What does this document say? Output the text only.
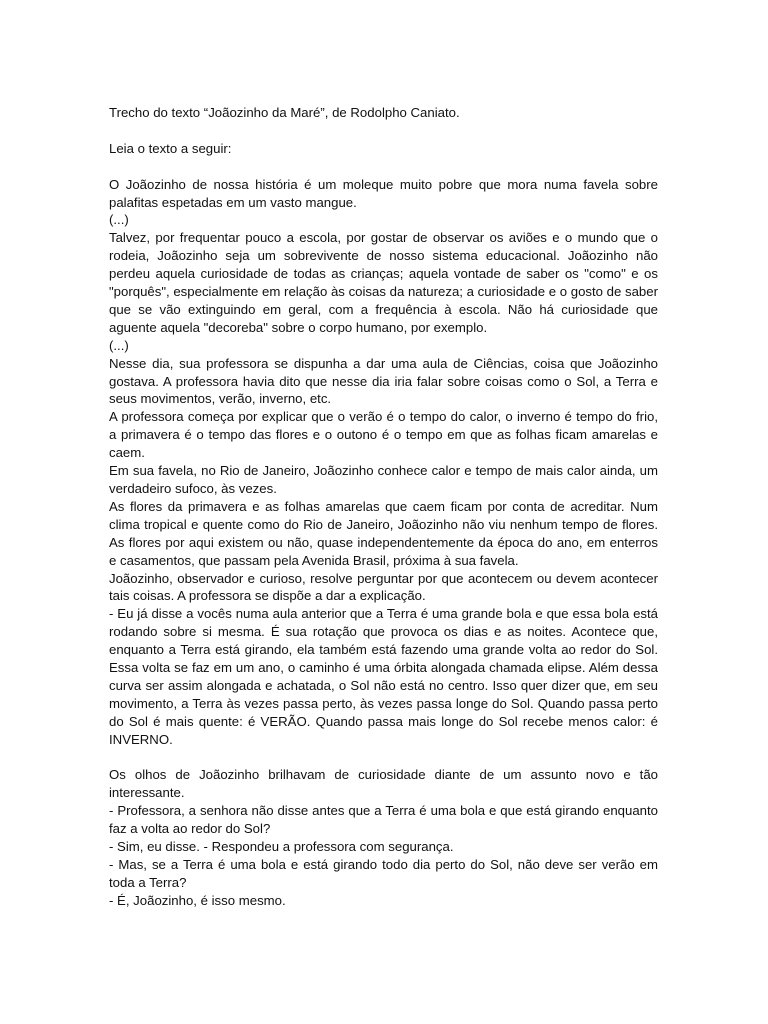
Trecho do texto “Joãozinho da Maré”, de Rodolpho Caniato.

Leia o texto a seguir:

O Joãozinho de nossa história é um moleque muito pobre que mora numa favela sobre palafitas espetadas em um vasto mangue.

(...)

Talvez, por frequentar pouco a escola, por gostar de observar os aviões e o mundo que o rodeia, Joãozinho seja um sobrevivente de nosso sistema educacional. Joãozinho não perdeu aquela curiosidade de todas as crianças; aquela vontade de saber os "como" e os "porquês", especialmente em relação às coisas da natureza; a curiosidade e o gosto de saber que se vão extinguindo em geral, com a frequência à escola. Não há curiosidade que aguente aquela "decoreba" sobre o corpo humano, por exemplo.

(...)

Nesse dia, sua professora se dispunha a dar uma aula de Ciências, coisa que Joãozinho gostava. A professora havia dito que nesse dia iria falar sobre coisas como o Sol, a Terra e seus movimentos, verão, inverno, etc.

A professora começa por explicar que o verão é o tempo do calor, o inverno é tempo do frio, a primavera é o tempo das flores e o outono é o tempo em que as folhas ficam amarelas e caem.

Em sua favela, no Rio de Janeiro, Joãozinho conhece calor e tempo de mais calor ainda, um verdadeiro sufoco, às vezes.

As flores da primavera e as folhas amarelas que caem ficam por conta de acreditar. Num clima tropical e quente como do Rio de Janeiro, Joãozinho não viu nenhum tempo de flores. As flores por aqui existem ou não, quase independentemente da época do ano, em enterros e casamentos, que passam pela Avenida Brasil, próxima à sua favela.

Joãozinho, observador e curioso, resolve perguntar por que acontecem ou devem acontecer tais coisas. A professora se dispõe a dar a explicação.

- Eu já disse a vocês numa aula anterior que a Terra é uma grande bola e que essa bola está rodando sobre si mesma. É sua rotação que provoca os dias e as noites. Acontece que, enquanto a Terra está girando, ela também está fazendo uma grande volta ao redor do Sol. Essa volta se faz em um ano, o caminho é uma órbita alongada chamada elipse. Além dessa curva ser assim alongada e achatada, o Sol não está no centro. Isso quer dizer que, em seu movimento, a Terra às vezes passa perto, às vezes passa longe do Sol. Quando passa perto do Sol é mais quente: é VERÃO. Quando passa mais longe do Sol recebe menos calor: é INVERNO.

Os olhos de Joãozinho brilhavam de curiosidade diante de um assunto novo e tão interessante.

- Professora, a senhora não disse antes que a Terra é uma bola e que está girando enquanto faz a volta ao redor do Sol?

- Sim, eu disse. - Respondeu a professora com segurança.

- Mas, se a Terra é uma bola e está girando todo dia perto do Sol, não deve ser verão em toda a Terra?

- É, Joãozinho, é isso mesmo.
